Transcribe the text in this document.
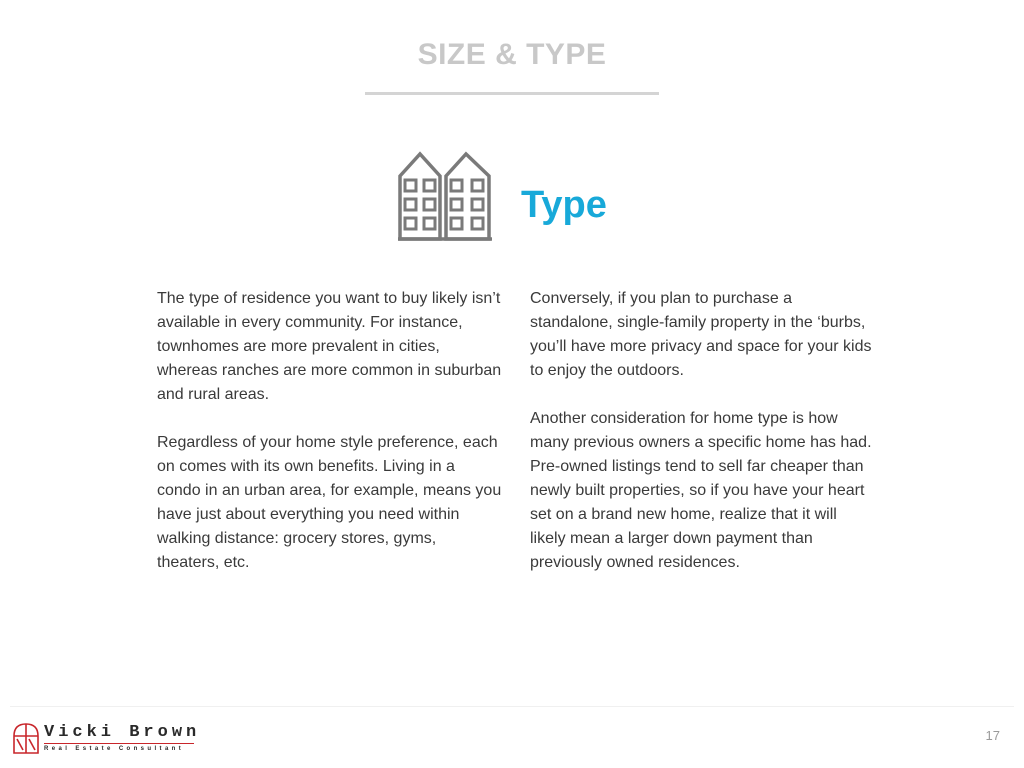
SIZE & TYPE
Type

The type of residence you want to buy likely isn’t available in every community. For instance, townhomes are more prevalent in cities, whereas ranches are more common in suburban and rural areas.

Regardless of your home style preference, each on comes with its own benefits. Living in a condo in an urban area, for example, means you have just about everything you need within walking distance: grocery stores, gyms, theaters, etc.

Conversely, if you plan to purchase a standalone, single-family property in the ‘burbs, you’ll have more privacy and space for your kids to enjoy the outdoors.

Another consideration for home type is how many previous owners a specific home has had. Pre-owned listings tend to sell far cheaper than newly built properties, so if you have your heart set on a brand new home, realize that it will likely mean a larger down payment than previously owned residences.

Vicki Brown
Real Estate Consultant
17
